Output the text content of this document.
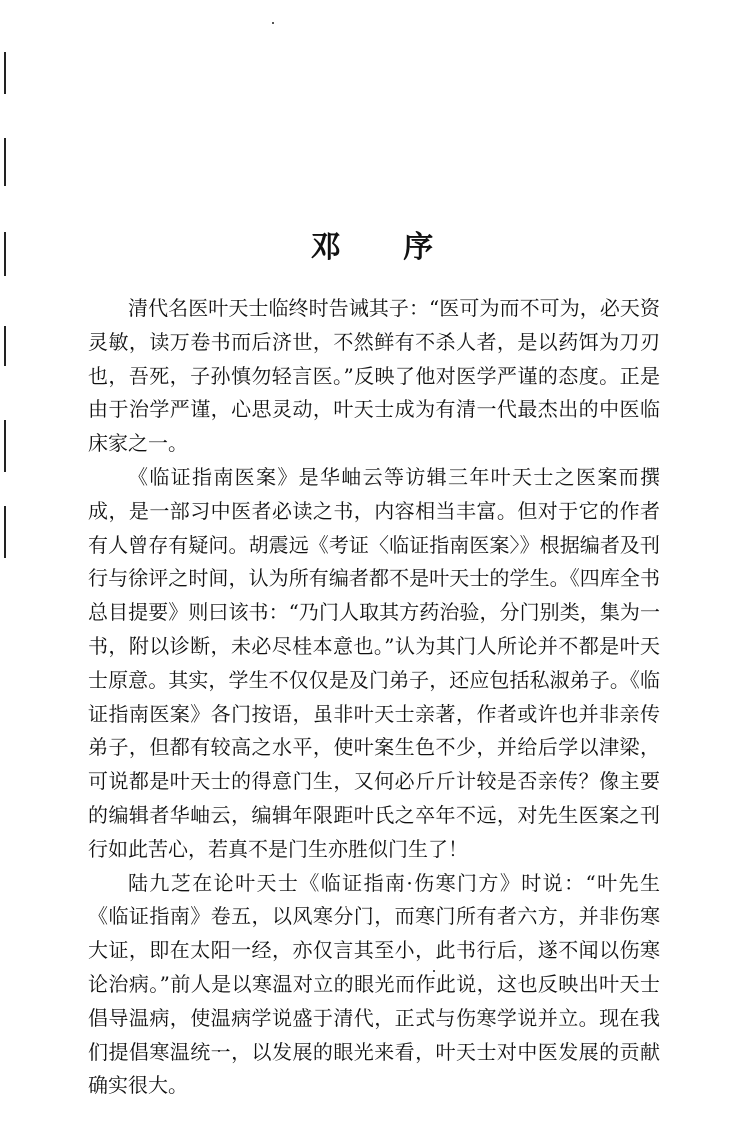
邓 序

清代名医叶天士临终时告诫其子：“医可为而不可为，必天资灵敏，读万卷书而后济世，不然鲜有不杀人者，是以药饵为刀刃也，吾死，子孙慎勿轻言医。”反映了他对医学严谨的态度。正是由于治学严谨，心思灵动，叶天士成为有清一代最杰出的中医临床家之一。

《临证指南医案》是华岫云等访辑三年叶天士之医案而撰成，是一部习中医者必读之书，内容相当丰富。但对于它的作者有人曾存有疑问。胡震远《考证〈临证指南医案〉》根据编者及刊行与徐评之时间，认为所有编者都不是叶天士的学生。《四库全书总目提要》则曰该书：“乃门人取其方药治验，分门别类，集为一书，附以诊断，未必尽桂本意也。”认为其门人所论并不都是叶天士原意。其实，学生不仅仅是及门弟子，还应包括私淑弟子。《临证指南医案》各门按语，虽非叶天士亲著，作者或许也并非亲传弟子，但都有较高之水平，使叶案生色不少，并给后学以津梁，可说都是叶天士的得意门生，又何必斤斤计较是否亲传？像主要的编辑者华岫云，编辑年限距叶氏之卒年不远，对先生医案之刊行如此苦心，若真不是门生亦胜似门生了！

陆九芝在论叶天士《临证指南·伤寒门方》时说：“叶先生《临证指南》卷五，以风寒分门，而寒门所有者六方，并非伤寒大证，即在太阳一经，亦仅言其至小，此书行后，遂不闻以伤寒论治病。”前人是以寒温对立的眼光而作此说，这也反映出叶天士倡导温病，使温病学说盛于清代，正式与伤寒学说并立。现在我们提倡寒温统一，以发展的眼光来看，叶天士对中医发展的贡献确实很大。
